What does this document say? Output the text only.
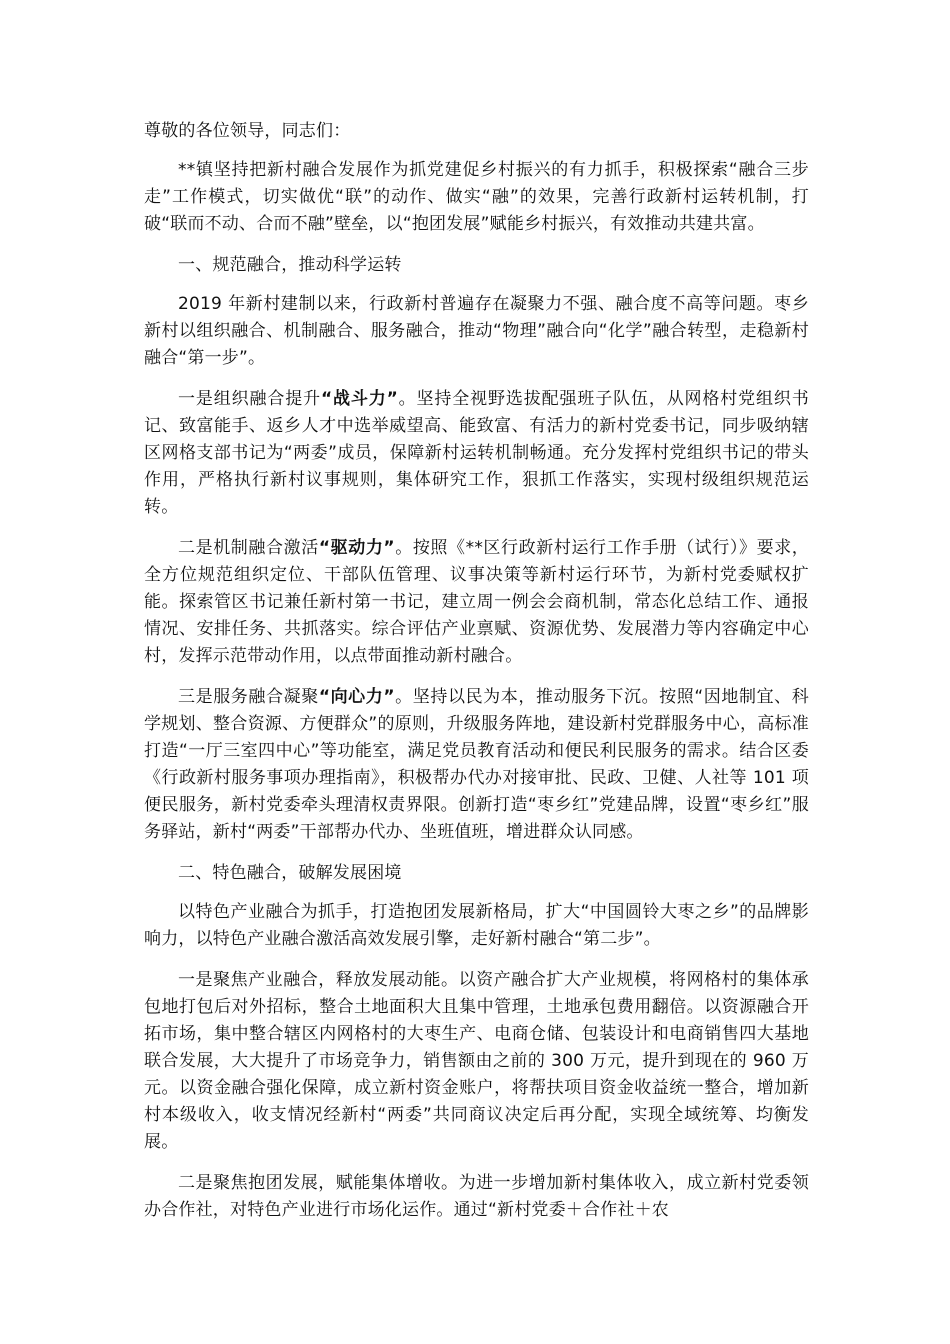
尊敬的各位领导，同志们：

**镇坚持把新村融合发展作为抓党建促乡村振兴的有力抓手，积极探索“融合三步走”工作模式，切实做优“联”的动作、做实“融”的效果，完善行政新村运转机制，打破“联而不动、合而不融”壁垒，以“抱团发展”赋能乡村振兴，有效推动共建共富。

一、规范融合，推动科学运转

2019 年新村建制以来，行政新村普遍存在凝聚力不强、融合度不高等问题。枣乡新村以组织融合、机制融合、服务融合，推动“物理”融合向“化学”融合转型，走稳新村融合“第一步”。

一是组织融合提升“战斗力”。坚持全视野选拔配强班子队伍，从网格村党组织书记、致富能手、返乡人才中选举威望高、能致富、有活力的新村党委书记，同步吸纳辖区网格支部书记为“两委”成员，保障新村运转机制畅通。充分发挥村党组织书记的带头作用，严格执行新村议事规则，集体研究工作，狠抓工作落实，实现村级组织规范运转。

二是机制融合激活“驱动力”。按照《**区行政新村运行工作手册（试行）》要求，全方位规范组织定位、干部队伍管理、议事决策等新村运行环节，为新村党委赋权扩能。探索管区书记兼任新村第一书记，建立周一例会会商机制，常态化总结工作、通报情况、安排任务、共抓落实。综合评估产业禀赋、资源优势、发展潜力等内容确定中心村，发挥示范带动作用，以点带面推动新村融合。

三是服务融合凝聚“向心力”。坚持以民为本，推动服务下沉。按照“因地制宜、科学规划、整合资源、方便群众”的原则，升级服务阵地，建设新村党群服务中心，高标准打造“一厅三室四中心”等功能室，满足党员教育活动和便民利民服务的需求。结合区委《行政新村服务事项办理指南》，积极帮办代办对接审批、民政、卫健、人社等 101 项便民服务，新村党委牵头理清权责界限。创新打造“枣乡红”党建品牌，设置“枣乡红”服务驿站，新村“两委”干部帮办代办、坐班值班，增进群众认同感。

二、特色融合，破解发展困境

以特色产业融合为抓手，打造抱团发展新格局，扩大“中国圆铃大枣之乡”的品牌影响力，以特色产业融合激活高效发展引擎，走好新村融合“第二步”。

一是聚焦产业融合，释放发展动能。以资产融合扩大产业规模，将网格村的集体承包地打包后对外招标，整合土地面积大且集中管理，土地承包费用翻倍。以资源融合开拓市场，集中整合辖区内网格村的大枣生产、电商仓储、包装设计和电商销售四大基地联合发展，大大提升了市场竞争力，销售额由之前的 300 万元，提升到现在的 960 万元。以资金融合强化保障，成立新村资金账户，将帮扶项目资金收益统一整合，增加新村本级收入，收支情况经新村“两委”共同商议决定后再分配，实现全域统筹、均衡发展。

二是聚焦抱团发展，赋能集体增收。为进一步增加新村集体收入，成立新村党委领办合作社，对特色产业进行市场化运作。通过“新村党委＋合作社＋农
